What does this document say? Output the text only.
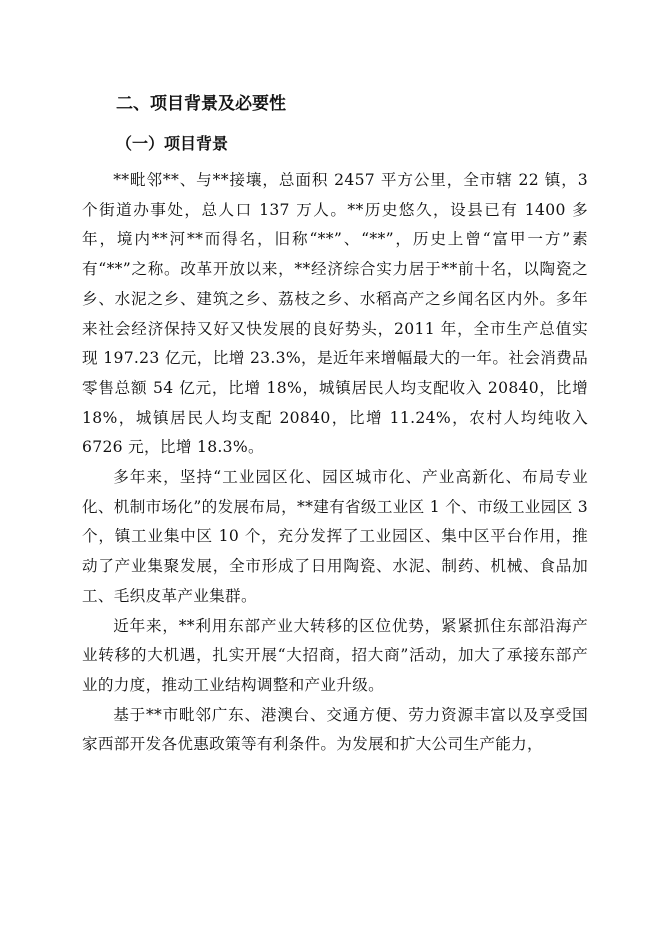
二、项目背景及必要性
（一）项目背景

**毗邻**、与**接壤，总面积 2457 平方公里，全市辖 22 镇，3 个街道办事处，总人口 137 万人。**历史悠久，设县已有 1400 多年，境内**河**而得名，旧称“**”、“**”，历史上曾“富甲一方”素有“**”之称。改革开放以来，**经济综合实力居于**前十名，以陶瓷之乡、水泥之乡、建筑之乡、荔枝之乡、水稻高产之乡闻名区内外。多年来社会经济保持又好又快发展的良好势头，2011 年，全市生产总值实现 197.23 亿元，比增 23.3%，是近年来增幅最大的一年。社会消费品零售总额 54 亿元，比增 18%，城镇居民人均支配收入 20840，比增 18%，城镇居民人均支配 20840，比增 11.24%，农村人均纯收入 6726 元，比增 18.3%。

多年来，坚持“工业园区化、园区城市化、产业高新化、布局专业化、机制市场化”的发展布局，**建有省级工业区 1 个、市级工业园区 3 个，镇工业集中区 10 个，充分发挥了工业园区、集中区平台作用，推动了产业集聚发展，全市形成了日用陶瓷、水泥、制药、机械、食品加工、毛织皮革产业集群。

近年来，**利用东部产业大转移的区位优势，紧紧抓住东部沿海产业转移的大机遇，扎实开展“大招商，招大商”活动，加大了承接东部产业的力度，推动工业结构调整和产业升级。

基于**市毗邻广东、港澳台、交通方便、劳力资源丰富以及享受国家西部开发各优惠政策等有利条件。为发展和扩大公司生产能力，
